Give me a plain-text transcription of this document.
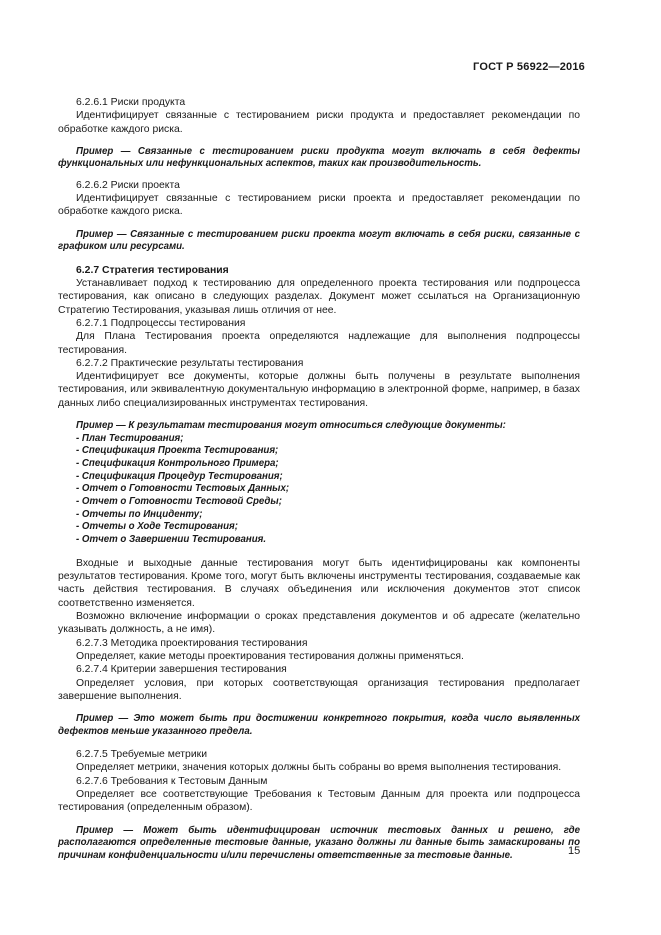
ГОСТ Р 56922—2016

6.2.6.1 Риски продукта

Идентифицирует связанные с тестированием риски продукта и предоставляет рекомендации по обработке каждого риска.

Пример — Связанные с тестированием риски продукта могут включать в себя дефекты функциональных или нефункциональных аспектов, таких как производительность.

6.2.6.2 Риски проекта

Идентифицирует связанные с тестированием риски проекта и предоставляет рекомендации по обработке каждого риска.

Пример — Связанные с тестированием риски проекта могут включать в себя риски, связанные с графиком или ресурсами.

6.2.7 Стратегия тестирования

Устанавливает подход к тестированию для определенного проекта тестирования или подпроцесса тестирования, как описано в следующих разделах. Документ может ссылаться на Организационную Стратегию Тестирования, указывая лишь отличия от нее.

6.2.7.1 Подпроцессы тестирования

Для Плана Тестирования проекта определяются надлежащие для выполнения подпроцессы тестирования.

6.2.7.2 Практические результаты тестирования

Идентифицирует все документы, которые должны быть получены в результате выполнения тестирования, или эквивалентную документальную информацию в электронной форме, например, в базах данных либо специализированных инструментах тестирования.

Пример — К результатам тестирования могут относиться следующие документы:

- План Тестирования;
- Спецификация Проекта Тестирования;
- Спецификация Контрольного Примера;
- Спецификация Процедур Тестирования;
- Отчет о Готовности Тестовых Данных;
- Отчет о Готовности Тестовой Среды;
- Отчеты по Инциденту;
- Отчеты о Ходе Тестирования;
- Отчет о Завершении Тестирования.

Входные и выходные данные тестирования могут быть идентифицированы как компоненты результатов тестирования. Кроме того, могут быть включены инструменты тестирования, создаваемые как часть действия тестирования. В случаях объединения или исключения документов этот список соответственно изменяется.

Возможно включение информации о сроках представления документов и об адресате (желательно указывать должность, а не имя).

6.2.7.3 Методика проектирования тестирования

Определяет, какие методы проектирования тестирования должны применяться.

6.2.7.4 Критерии завершения тестирования

Определяет условия, при которых соответствующая организация тестирования предполагает завершение выполнения.

Пример — Это может быть при достижении конкретного покрытия, когда число выявленных дефектов меньше указанного предела.

6.2.7.5 Требуемые метрики

Определяет метрики, значения которых должны быть собраны во время выполнения тестирования.

6.2.7.6 Требования к Тестовым Данным

Определяет все соответствующие Требования к Тестовым Данным для проекта или подпроцесса тестирования (определенным образом).

Пример — Может быть идентифицирован источник тестовых данных и решено, где располагаются определенные тестовые данные, указано должны ли данные быть замаскированы по причинам конфиденциальности и/или перечислены ответственные за тестовые данные.	15
